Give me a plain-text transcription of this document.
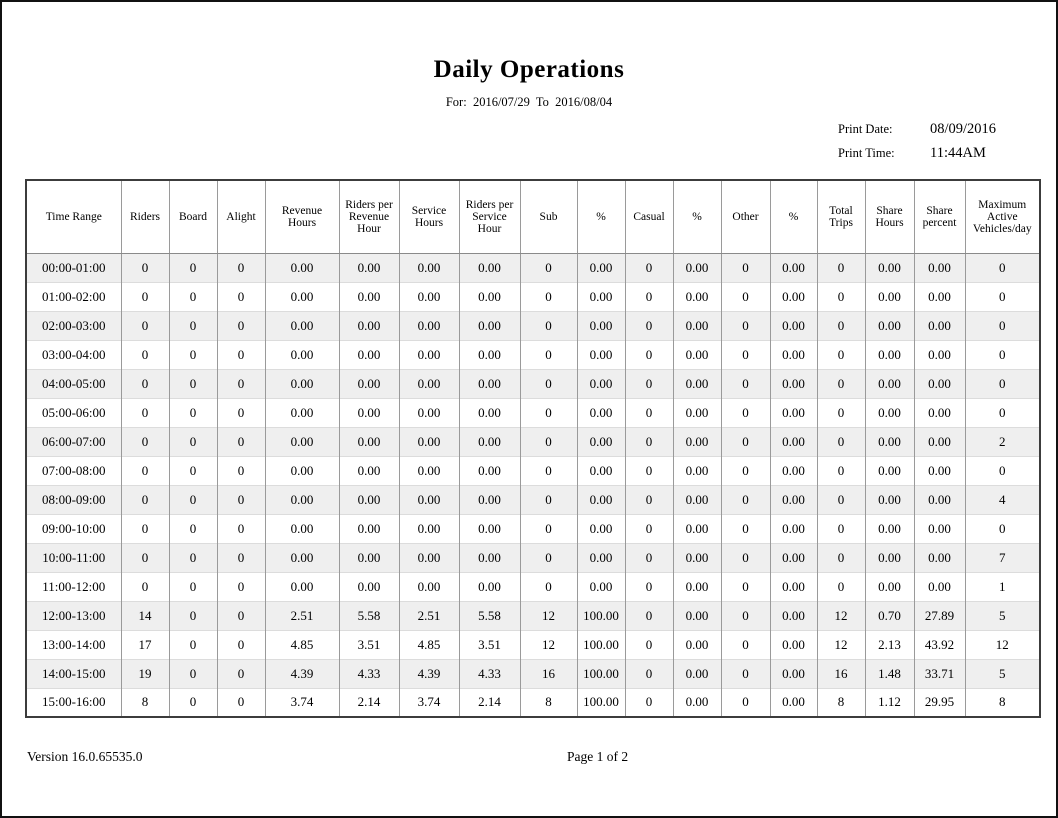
Daily Operations
For:  2016/07/29  To  2016/08/04
Print Date:	08/09/2016
Print Time:	11:44AM
Time Range	Riders	Board	Alight	Revenue Hours	Riders per Revenue Hour	Service Hours	Riders per Service Hour	Sub	%	Casual	%	Other	%	Total Trips	Share Hours	Share percent	Maximum Active Vehicles/day
00:00-01:00	0	0	0	0.00	0.00	0.00	0.00	0	0.00	0	0.00	0	0.00	0	0.00	0.00	0
01:00-02:00	0	0	0	0.00	0.00	0.00	0.00	0	0.00	0	0.00	0	0.00	0	0.00	0.00	0
02:00-03:00	0	0	0	0.00	0.00	0.00	0.00	0	0.00	0	0.00	0	0.00	0	0.00	0.00	0
03:00-04:00	0	0	0	0.00	0.00	0.00	0.00	0	0.00	0	0.00	0	0.00	0	0.00	0.00	0
04:00-05:00	0	0	0	0.00	0.00	0.00	0.00	0	0.00	0	0.00	0	0.00	0	0.00	0.00	0
05:00-06:00	0	0	0	0.00	0.00	0.00	0.00	0	0.00	0	0.00	0	0.00	0	0.00	0.00	0
06:00-07:00	0	0	0	0.00	0.00	0.00	0.00	0	0.00	0	0.00	0	0.00	0	0.00	0.00	2
07:00-08:00	0	0	0	0.00	0.00	0.00	0.00	0	0.00	0	0.00	0	0.00	0	0.00	0.00	0
08:00-09:00	0	0	0	0.00	0.00	0.00	0.00	0	0.00	0	0.00	0	0.00	0	0.00	0.00	4
09:00-10:00	0	0	0	0.00	0.00	0.00	0.00	0	0.00	0	0.00	0	0.00	0	0.00	0.00	0
10:00-11:00	0	0	0	0.00	0.00	0.00	0.00	0	0.00	0	0.00	0	0.00	0	0.00	0.00	7
11:00-12:00	0	0	0	0.00	0.00	0.00	0.00	0	0.00	0	0.00	0	0.00	0	0.00	0.00	1
12:00-13:00	14	0	0	2.51	5.58	2.51	5.58	12	100.00	0	0.00	0	0.00	12	0.70	27.89	5
13:00-14:00	17	0	0	4.85	3.51	4.85	3.51	12	100.00	0	0.00	0	0.00	12	2.13	43.92	12
14:00-15:00	19	0	0	4.39	4.33	4.39	4.33	16	100.00	0	0.00	0	0.00	16	1.48	33.71	5
15:00-16:00	8	0	0	3.74	2.14	3.74	2.14	8	100.00	0	0.00	0	0.00	8	1.12	29.95	8
Version 16.0.65535.0	Page 1 of 2
